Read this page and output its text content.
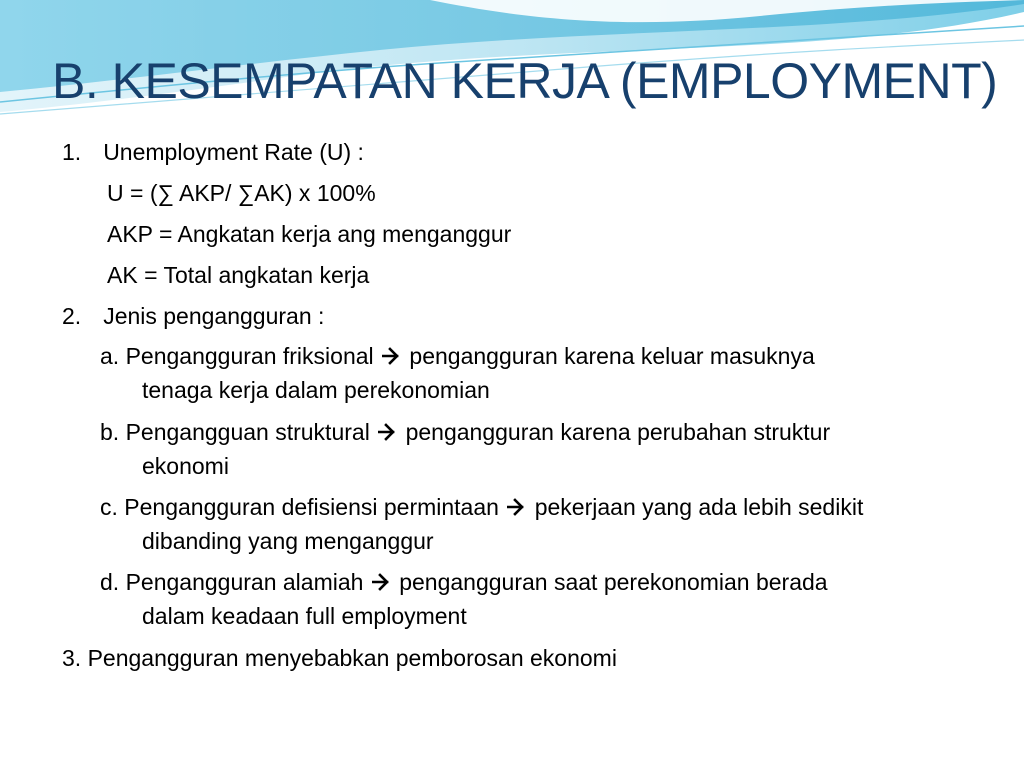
B. KESEMPATAN KERJA (EMPLOYMENT)
1. Unemployment Rate (U) :
U = (∑ AKP/ ∑AK) x 100%
AKP = Angkatan kerja ang menganggur
AK = Total angkatan kerja
2. Jenis pengangguran :
a. Pengangguran friksional pengangguran karena keluar masuknya
tenaga kerja dalam perekonomian
b. Pengangguan struktural pengangguran karena perubahan struktur
ekonomi
c. Pengangguran defisiensi permintaan pekerjaan yang ada lebih sedikit
dibanding yang menganggur
d. Pengangguran alamiah pengangguran saat perekonomian berada
dalam keadaan full employment
3. Pengangguran menyebabkan pemborosan ekonomi
